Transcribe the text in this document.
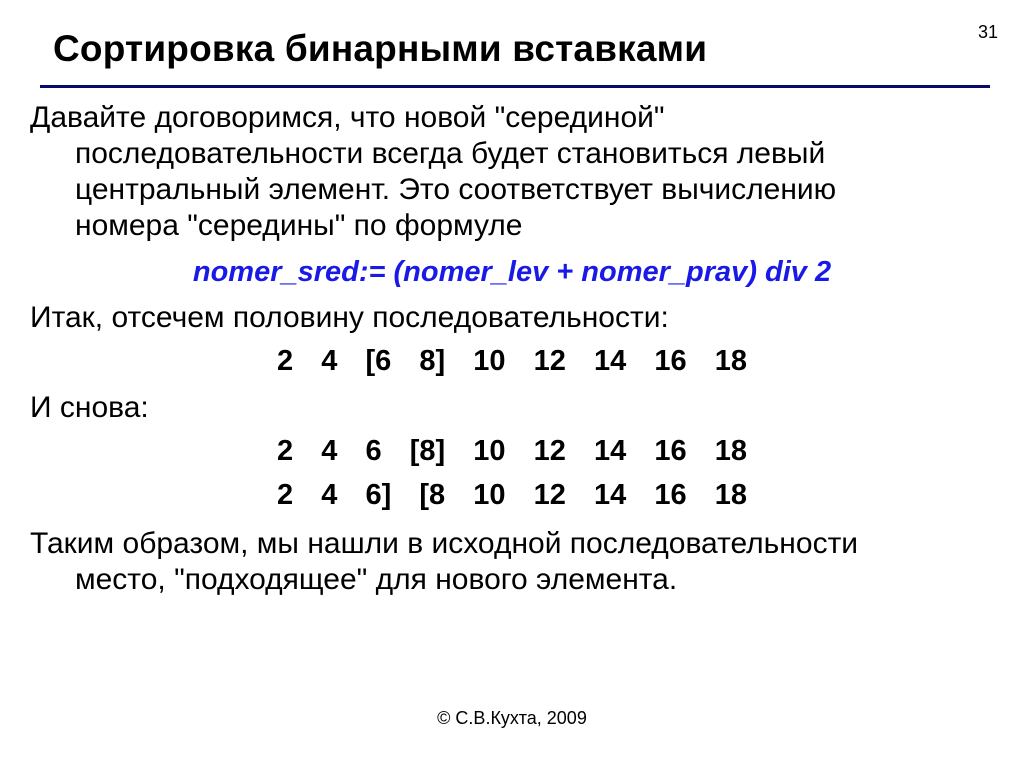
31
Сортировка бинарными вставками
Давайте договоримся, что новой "серединой"
последовательности всегда будет становиться левый
центральный элемент. Это соответствует вычислению
номера "середины" по формуле
nomer_sred:= (nomer_lev + nomer_prav) div 2
Итак, отсечем половину последовательности:
2  4  [6  8]  10  12  14  16  18
И снова:
2  4  6  [8]  10  12  14  16  18
2  4  6]  [8  10  12  14  16  18
Таким образом, мы нашли в исходной последовательности
место, "подходящее" для нового элемента.
© С.В.Кухта, 2009
